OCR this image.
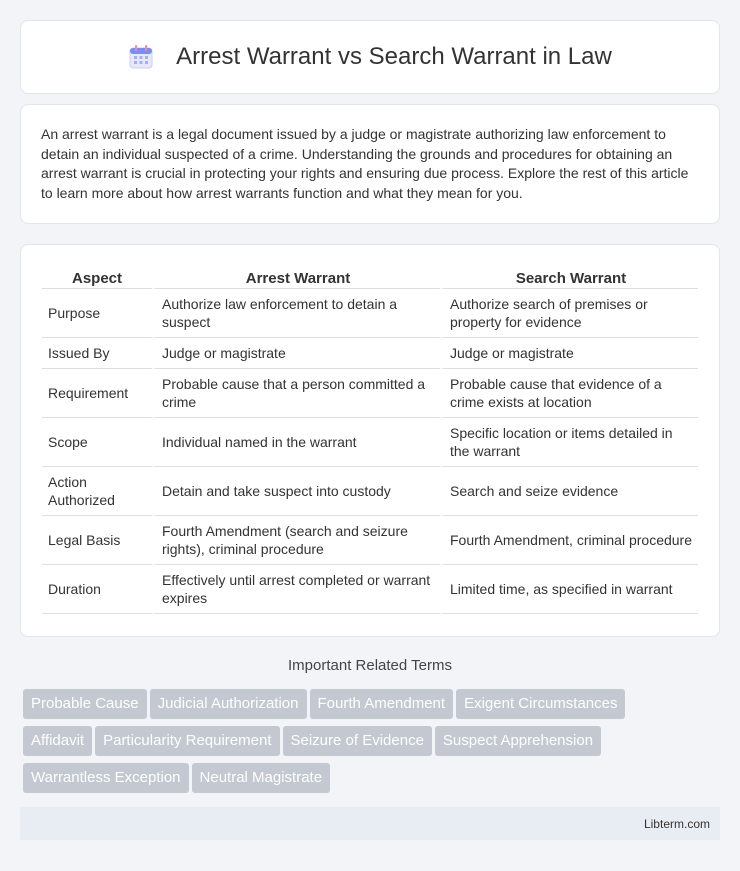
Arrest Warrant vs Search Warrant in Law

An arrest warrant is a legal document issued by a judge or magistrate authorizing law enforcement to detain an individual suspected of a crime. Understanding the grounds and procedures for obtaining an arrest warrant is crucial in protecting your rights and ensuring due process. Explore the rest of this article to learn more about how arrest warrants function and what they mean for you.

Aspect	Arrest Warrant	Search Warrant
Purpose	Authorize law enforcement to detain a suspect	Authorize search of premises or property for evidence
Issued By	Judge or magistrate	Judge or magistrate
Requirement	Probable cause that a person committed a crime	Probable cause that evidence of a crime exists at location
Scope	Individual named in the warrant	Specific location or items detailed in the warrant
Action Authorized	Detain and take suspect into custody	Search and seize evidence
Legal Basis	Fourth Amendment (search and seizure rights), criminal procedure	Fourth Amendment, criminal procedure
Duration	Effectively until arrest completed or warrant expires	Limited time, as specified in warrant
Important Related Terms
Probable Cause Judicial Authorization Fourth Amendment Exigent Circumstances
Affidavit Particularity Requirement Seizure of Evidence Suspect Apprehension
Warrantless Exception Neutral Magistrate
Libterm.com
